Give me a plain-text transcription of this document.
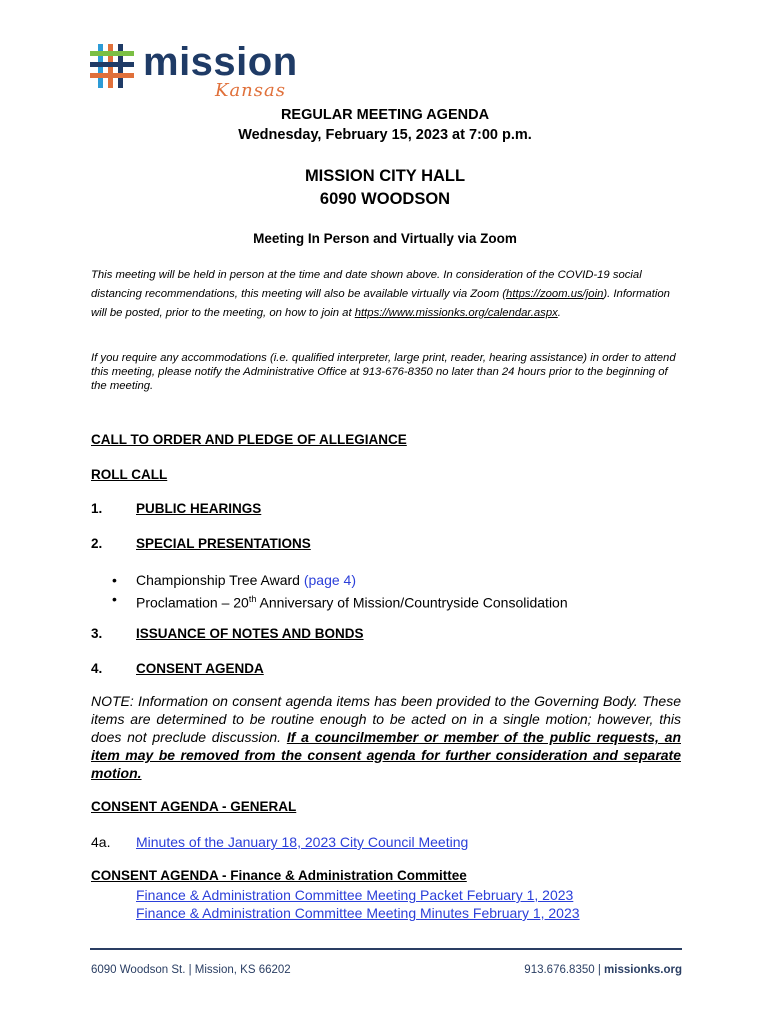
mission
Kansas
REGULAR MEETING AGENDA
Wednesday, February 15, 2023 at 7:00 p.m.
MISSION CITY HALL
6090 WOODSON
Meeting In Person and Virtually via Zoom
This meeting will be held in person at the time and date shown above. In consideration of the COVID-19 social distancing recommendations, this meeting will also be available virtually via Zoom (https://zoom.us/join). Information will be posted, prior to the meeting, on how to join at https://www.missionks.org/calendar.aspx.
If you require any accommodations (i.e. qualified interpreter, large print, reader, hearing assistance) in order to attend this meeting, please notify the Administrative Office at 913-676-8350 no later than 24 hours prior to the beginning of the meeting.
CALL TO ORDER AND PLEDGE OF ALLEGIANCE
ROLL CALL
1. PUBLIC HEARINGS
2. SPECIAL PRESENTATIONS
•	Championship Tree Award (page 4)
•	Proclamation – 20th Anniversary of Mission/Countryside Consolidation
3. ISSUANCE OF NOTES AND BONDS
4. CONSENT AGENDA
NOTE: Information on consent agenda items has been provided to the Governing Body. These items are determined to be routine enough to be acted on in a single motion; however, this does not preclude discussion. If a councilmember or member of the public requests, an item may be removed from the consent agenda for further consideration and separate motion.
CONSENT AGENDA - GENERAL
4a. Minutes of the January 18, 2023 City Council Meeting
CONSENT AGENDA - Finance & Administration Committee
Finance & Administration Committee Meeting Packet February 1, 2023
Finance & Administration Committee Meeting Minutes February 1, 2023
6090 Woodson St. | Mission, KS 66202	913.676.8350 | missionks.org
